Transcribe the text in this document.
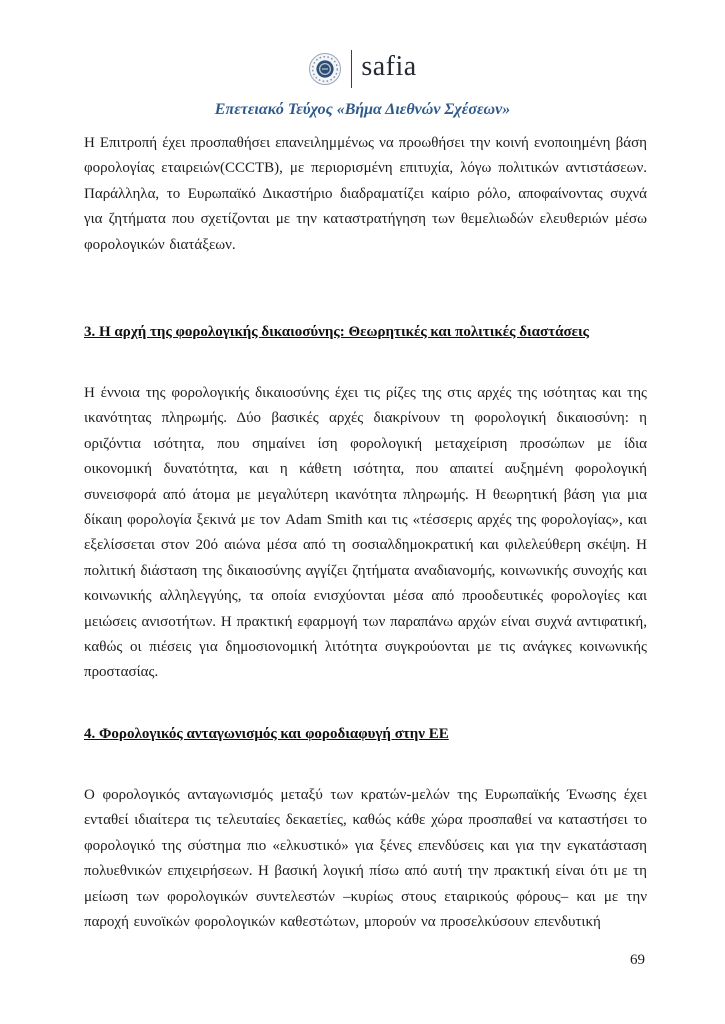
safia
Επετειακό Τεύχος «Βήμα Διεθνών Σχέσεων»

Η Επιτροπή έχει προσπαθήσει επανειλημμένως να προωθήσει την κοινή ενοποιημένη βάση φορολογίας εταιρειών(CCCTB), με περιορισμένη επιτυχία, λόγω πολιτικών αντιστάσεων. Παράλληλα, το Ευρωπαϊκό Δικαστήριο διαδραματίζει καίριο ρόλο, αποφαίνοντας συχνά για ζητήματα που σχετίζονται με την καταστρατήγηση των θεμελιωδών ελευθεριών μέσω φορολογικών διατάξεων.

3. Η αρχή της φορολογικής δικαιοσύνης: Θεωρητικές και πολιτικές διαστάσεις

Η έννοια της φορολογικής δικαιοσύνης έχει τις ρίζες της στις αρχές της ισότητας και της ικανότητας πληρωμής. Δύο βασικές αρχές διακρίνουν τη φορολογική δικαιοσύνη: η οριζόντια ισότητα, που σημαίνει ίση φορολογική μεταχείριση προσώπων με ίδια οικονομική δυνατότητα, και η κάθετη ισότητα, που απαιτεί αυξημένη φορολογική συνεισφορά από άτομα με μεγαλύτερη ικανότητα πληρωμής. Η θεωρητική βάση για μια δίκαιη φορολογία ξεκινά με τον Adam Smith και τις «τέσσερις αρχές της φορολογίας», και εξελίσσεται στον 20ό αιώνα μέσα από τη σοσιαλδημοκρατική και φιλελεύθερη σκέψη. Η πολιτική διάσταση της δικαιοσύνης αγγίζει ζητήματα αναδιανομής, κοινωνικής συνοχής και κοινωνικής αλληλεγγύης, τα οποία ενισχύονται μέσα από προοδευτικές φορολογίες και μειώσεις ανισοτήτων. Η πρακτική εφαρμογή των παραπάνω αρχών είναι συχνά αντιφατική, καθώς οι πιέσεις για δημοσιονομική λιτότητα συγκρούονται με τις ανάγκες κοινωνικής προστασίας.

4. Φορολογικός ανταγωνισμός και φοροδιαφυγή στην ΕΕ

Ο φορολογικός ανταγωνισμός μεταξύ των κρατών-μελών της Ευρωπαϊκής Ένωσης έχει ενταθεί ιδιαίτερα τις τελευταίες δεκαετίες, καθώς κάθε χώρα προσπαθεί να καταστήσει το φορολογικό της σύστημα πιο «ελκυστικό» για ξένες επενδύσεις και για την εγκατάσταση πολυεθνικών επιχειρήσεων. Η βασική λογική πίσω από αυτή την πρακτική είναι ότι με τη μείωση των φορολογικών συντελεστών –κυρίως στους εταιρικούς φόρους– και με την παροχή ευνοϊκών φορολογικών καθεστώτων, μπορούν να προσελκύσουν επενδυτική

69
